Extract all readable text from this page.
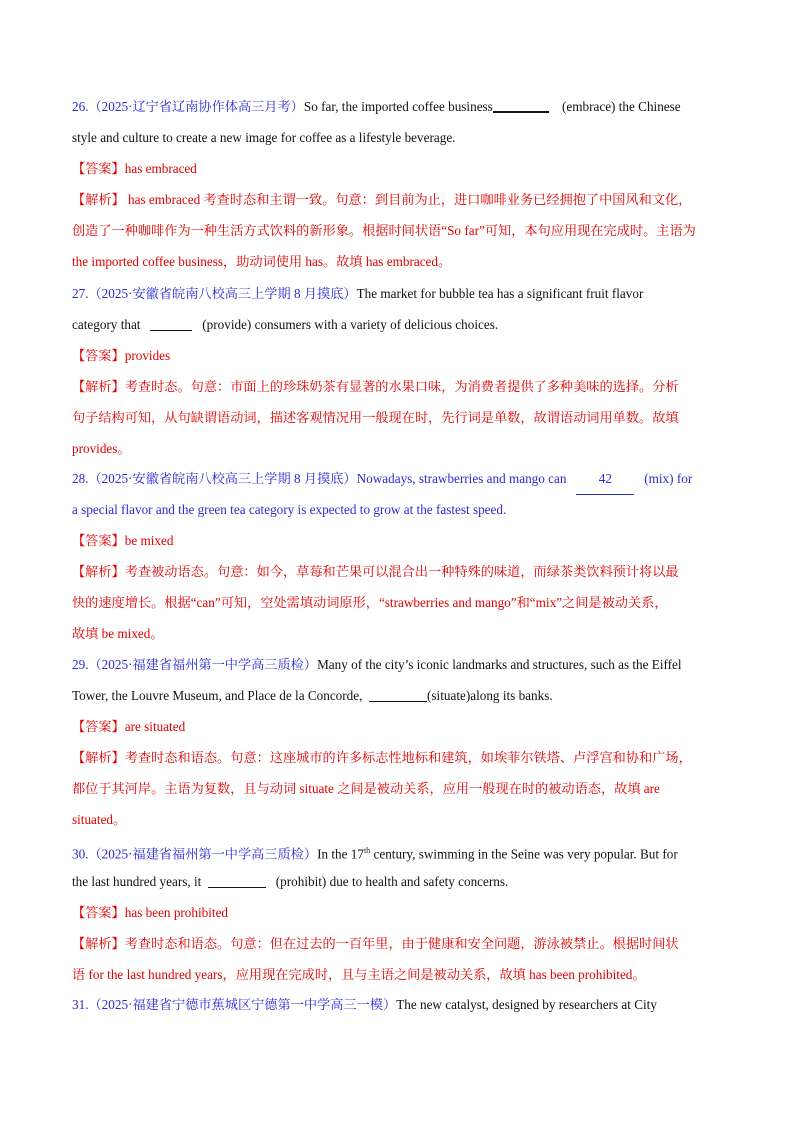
26.（2025·辽宁省辽南协作体高三月考）So far, the imported coffee business	(embrace) the Chinese
style and culture to create a new image for coffee as a lifestyle beverage.
【答案】has embraced
【解析】 has embraced 考查时态和主谓一致。句意：到目前为止，进口咖啡业务已经拥抱了中国风和文化，
创造了一种咖啡作为一种生活方式饮料的新形象。根据时间状语“So far”可知，本句应用现在完成时。主语为
the imported coffee business，助动词使用 has。故填 has embraced。
27.（2025·安徽省皖南八校高三上学期 8 月摸底）The market for bubble tea has a significant fruit flavor
category that	(provide) consumers with a variety of delicious choices.
【答案】provides
【解析】考查时态。句意：市面上的珍珠奶茶有显著的水果口味，为消费者提供了多种美味的选择。分析
句子结构可知，从句缺谓语动词，描述客观情况用一般现在时，先行词是单数，故谓语动词用单数。故填
provides。
28.（2025·安徽省皖南八校高三上学期 8 月摸底）Nowadays, strawberries and mango can 42 (mix) for
a special flavor and the green tea category is expected to grow at the fastest speed.
【答案】be mixed
【解析】考查被动语态。句意：如今，草莓和芒果可以混合出一种特殊的味道，而绿茶类饮料预计将以最
快的速度增长。根据“can”可知，空处需填动词原形，“strawberries and mango”和“mix”之间是被动关系，
故填 be mixed。
29.（2025·福建省福州第一中学高三质检）Many of the city’s iconic landmarks and structures, such as the Eiffel
Tower, the Louvre Museum, and Place de la Concorde,	(situate)along its banks.
【答案】are situated
【解析】考查时态和语态。句意：这座城市的许多标志性地标和建筑，如埃菲尔铁塔、卢浮宫和协和广场，
都位于其河岸。主语为复数，且与动词 situate 之间是被动关系，应用一般现在时的被动语态，故填 are
situated。
30.（2025·福建省福州第一中学高三质检）In the 17th century, swimming in the Seine was very popular. But for
the last hundred years, it	(prohibit) due to health and safety concerns.
【答案】has been prohibited
【解析】考查时态和语态。句意：但在过去的一百年里，由于健康和安全问题，游泳被禁止。根据时间状
语 for the last hundred years，应用现在完成时，且与主语之间是被动关系，故填 has been prohibited。
31.（2025·福建省宁德市蕉城区宁德第一中学高三一模）The new catalyst, designed by researchers at City
